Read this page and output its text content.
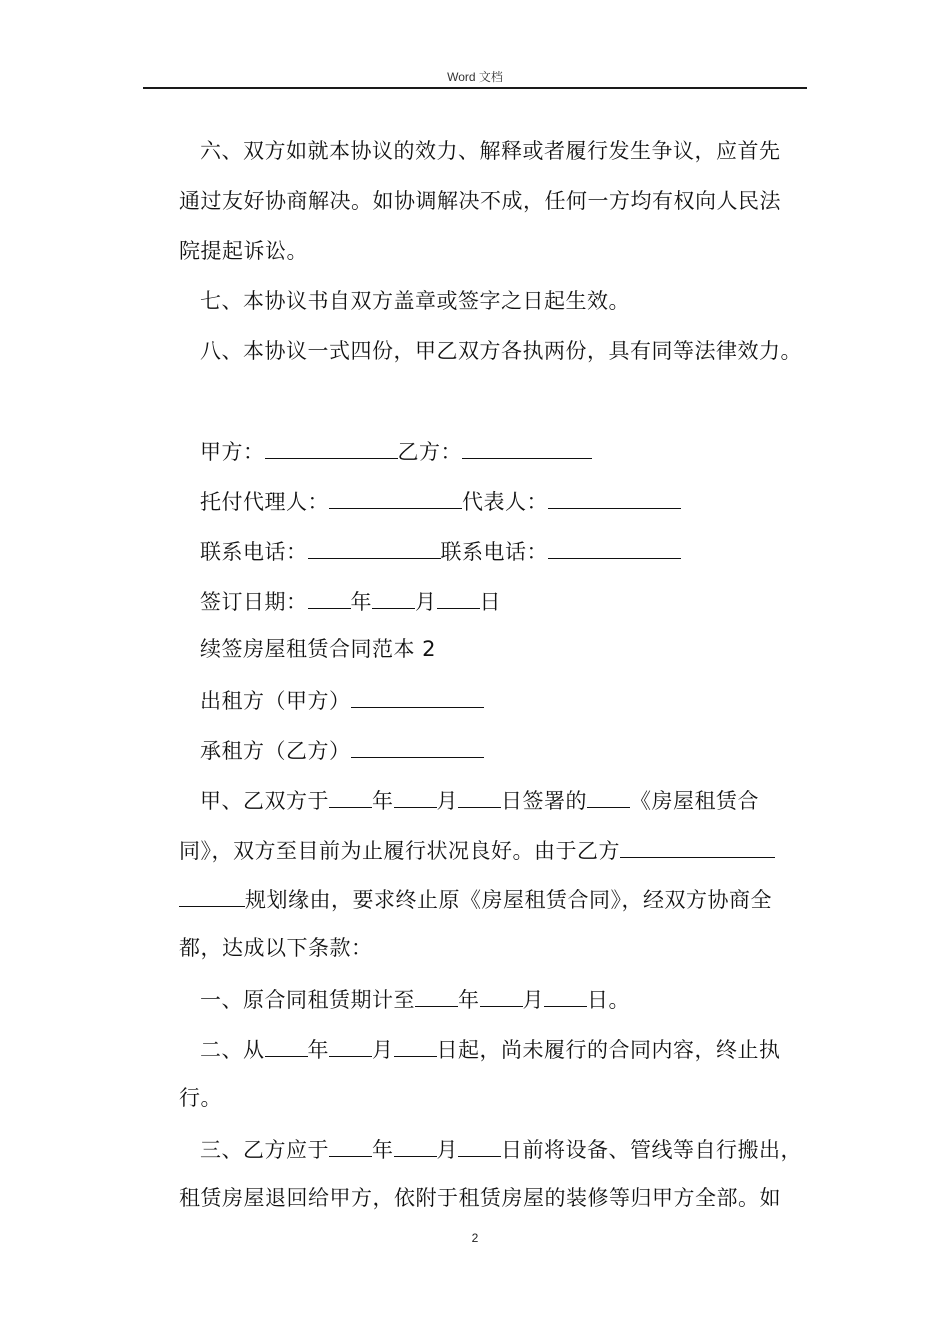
Word 文档
六、双方如就本协议的效力、解释或者履行发生争议，应首先
通过友好协商解决。如协调解决不成，任何一方均有权向人民法
院提起诉讼。
七、本协议书自双方盖章或签字之日起生效。
八、本协议一式四份，甲乙双方各执两份，具有同等法律效力。
甲方：	乙方：
托付代理人：	代表人：
联系电话：	联系电话：
签订日期： 年 月 日
续签房屋租赁合同范本 2
出租方（甲方）
承租方（乙方）
甲、乙双方于 年 月 日签署的 《房屋租赁合
同》，双方至目前为止履行状况良好。由于乙方
规划缘由，要求终止原《房屋租赁合同》，经双方协商全
都，达成以下条款：
一、原合同租赁期计至 年 月 日。
二、从 年 月 日起，尚未履行的合同内容，终止执
行。
三、乙方应于 年 月 日前将设备、管线等自行搬出，
租赁房屋退回给甲方，依附于租赁房屋的装修等归甲方全部。如
2
